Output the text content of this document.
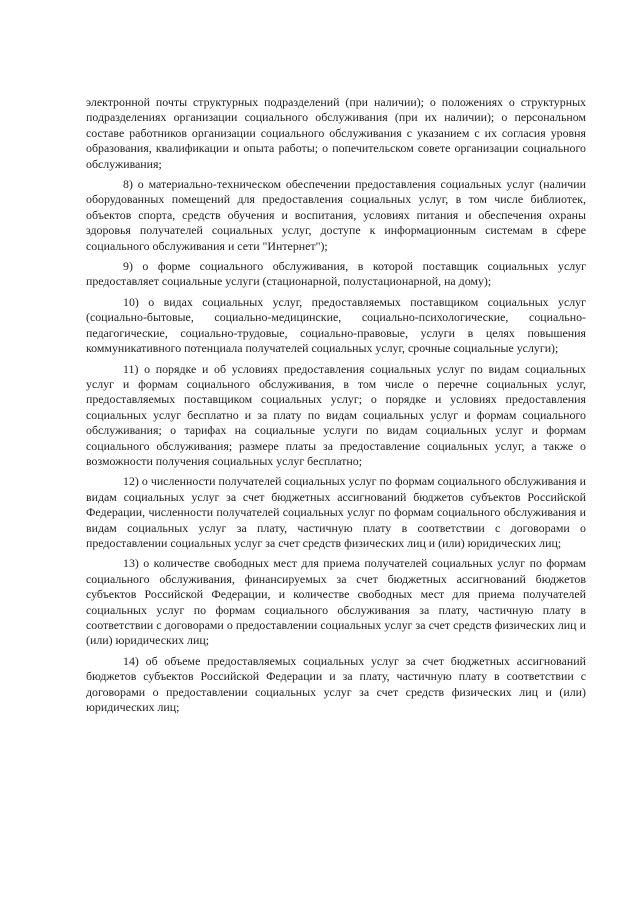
электронной почты структурных подразделений (при наличии); о положениях о структурных подразделениях организации социального обслуживания (при их наличии); о персональном составе работников организации социального обслуживания с указанием с их согласия уровня образования, квалификации и опыта работы; о попечительском совете организации социального обслуживания;

8) о материально-техническом обеспечении предоставления социальных услуг (наличии оборудованных помещений для предоставления социальных услуг, в том числе библиотек, объектов спорта, средств обучения и воспитания, условиях питания и обеспечения охраны здоровья получателей социальных услуг, доступе к информационным системам в сфере социального обслуживания и сети "Интернет");

9) о форме социального обслуживания, в которой поставщик социальных услуг предоставляет социальные услуги (стационарной, полустационарной, на дому);

10) о видах социальных услуг, предоставляемых поставщиком социальных услуг (социально-бытовые, социально-медицинские, социально-психологические, социально-педагогические, социально-трудовые, социально-правовые, услуги в целях повышения коммуникативного потенциала получателей социальных услуг, срочные социальные услуги);

11) о порядке и об условиях предоставления социальных услуг по видам социальных услуг и формам социального обслуживания, в том числе о перечне социальных услуг, предоставляемых поставщиком социальных услуг; о порядке и условиях предоставления социальных услуг бесплатно и за плату по видам социальных услуг и формам социального обслуживания; о тарифах на социальные услуги по видам социальных услуг и формам социального обслуживания; размере платы за предоставление социальных услуг, а также о возможности получения социальных услуг бесплатно;

12) о численности получателей социальных услуг по формам социального обслуживания и видам социальных услуг за счет бюджетных ассигнований бюджетов субъектов Российской Федерации, численности получателей социальных услуг по формам социального обслуживания и видам социальных услуг за плату, частичную плату в соответствии с договорами о предоставлении социальных услуг за счет средств физических лиц и (или) юридических лиц;

13) о количестве свободных мест для приема получателей социальных услуг по формам социального обслуживания, финансируемых за счет бюджетных ассигнований бюджетов субъектов Российской Федерации, и количестве свободных мест для приема получателей социальных услуг по формам социального обслуживания за плату, частичную плату в соответствии с договорами о предоставлении социальных услуг за счет средств физических лиц и (или) юридических лиц;

14) об объеме предоставляемых социальных услуг за счет бюджетных ассигнований бюджетов субъектов Российской Федерации и за плату, частичную плату в соответствии с договорами о предоставлении социальных услуг за счет средств физических лиц и (или) юридических лиц;
